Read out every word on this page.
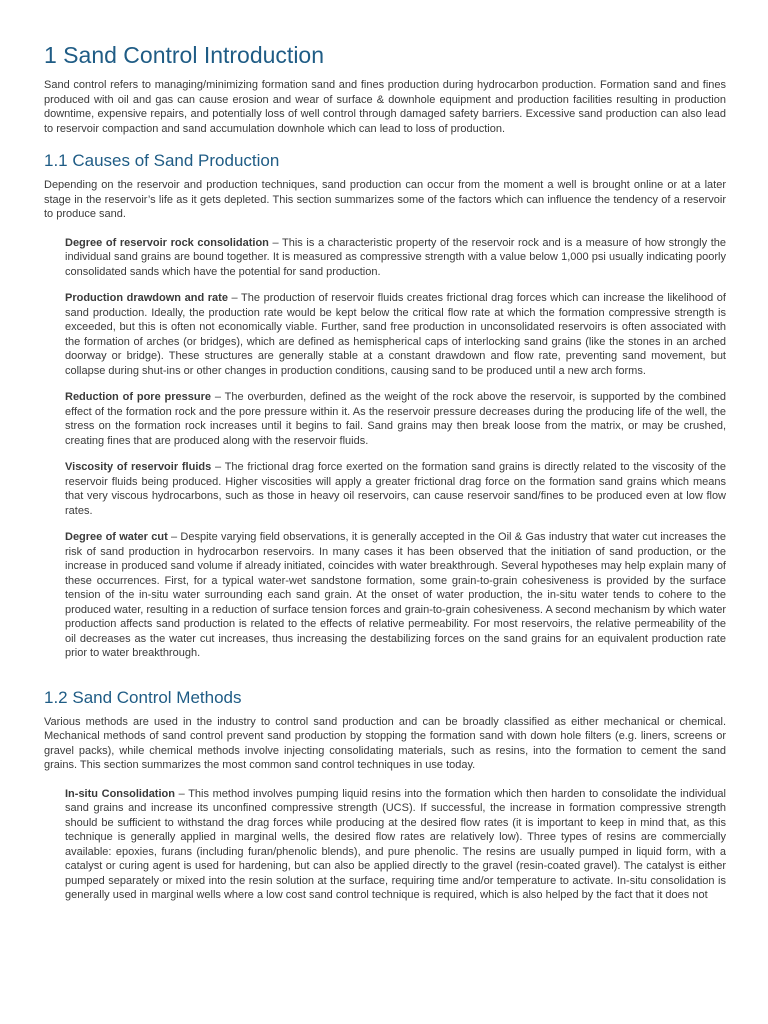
1 Sand Control Introduction

Sand control refers to managing/minimizing formation sand and fines production during hydrocarbon production. Formation sand and fines produced with oil and gas can cause erosion and wear of surface & downhole equipment and production facilities resulting in production downtime, expensive repairs, and potentially loss of well control through damaged safety barriers. Excessive sand production can also lead to reservoir compaction and sand accumulation downhole which can lead to loss of production.

1.1 Causes of Sand Production

Depending on the reservoir and production techniques, sand production can occur from the moment a well is brought online or at a later stage in the reservoir’s life as it gets depleted. This section summarizes some of the factors which can influence the tendency of a reservoir to produce sand.

Degree of reservoir rock consolidation – This is a characteristic property of the reservoir rock and is a measure of how strongly the individual sand grains are bound together. It is measured as compressive strength with a value below 1,000 psi usually indicating poorly consolidated sands which have the potential for sand production.

Production drawdown and rate – The production of reservoir fluids creates frictional drag forces which can increase the likelihood of sand production. Ideally, the production rate would be kept below the critical flow rate at which the formation compressive strength is exceeded, but this is often not economically viable. Further, sand free production in unconsolidated reservoirs is often associated with the formation of arches (or bridges), which are defined as hemispherical caps of interlocking sand grains (like the stones in an arched doorway or bridge). These structures are generally stable at a constant drawdown and flow rate, preventing sand movement, but collapse during shut-ins or other changes in production conditions, causing sand to be produced until a new arch forms.

Reduction of pore pressure – The overburden, defined as the weight of the rock above the reservoir, is supported by the combined effect of the formation rock and the pore pressure within it. As the reservoir pressure decreases during the producing life of the well, the stress on the formation rock increases until it begins to fail. Sand grains may then break loose from the matrix, or may be crushed, creating fines that are produced along with the reservoir fluids.

Viscosity of reservoir fluids – The frictional drag force exerted on the formation sand grains is directly related to the viscosity of the reservoir fluids being produced. Higher viscosities will apply a greater frictional drag force on the formation sand grains which means that very viscous hydrocarbons, such as those in heavy oil reservoirs, can cause reservoir sand/fines to be produced even at low flow rates.

Degree of water cut – Despite varying field observations, it is generally accepted in the Oil & Gas industry that water cut increases the risk of sand production in hydrocarbon reservoirs. In many cases it has been observed that the initiation of sand production, or the increase in produced sand volume if already initiated, coincides with water breakthrough. Several hypotheses may help explain many of these occurrences. First, for a typical water-wet sandstone formation, some grain-to-grain cohesiveness is provided by the surface tension of the in-situ water surrounding each sand grain. At the onset of water production, the in-situ water tends to cohere to the produced water, resulting in a reduction of surface tension forces and grain-to-grain cohesiveness. A second mechanism by which water production affects sand production is related to the effects of relative permeability. For most reservoirs, the relative permeability of the oil decreases as the water cut increases, thus increasing the destabilizing forces on the sand grains for an equivalent production rate prior to water breakthrough.

1.2 Sand Control Methods

Various methods are used in the industry to control sand production and can be broadly classified as either mechanical or chemical. Mechanical methods of sand control prevent sand production by stopping the formation sand with down hole filters (e.g. liners, screens or gravel packs), while chemical methods involve injecting consolidating materials, such as resins, into the formation to cement the sand grains. This section summarizes the most common sand control techniques in use today.

In-situ Consolidation – This method involves pumping liquid resins into the formation which then harden to consolidate the individual sand grains and increase its unconfined compressive strength (UCS). If successful, the increase in formation compressive strength should be sufficient to withstand the drag forces while producing at the desired flow rates (it is important to keep in mind that, as this technique is generally applied in marginal wells, the desired flow rates are relatively low). Three types of resins are commercially available: epoxies, furans (including furan/phenolic blends), and pure phenolic. The resins are usually pumped in liquid form, with a catalyst or curing agent is used for hardening, but can also be applied directly to the gravel (resin-coated gravel). The catalyst is either pumped separately or mixed into the resin solution at the surface, requiring time and/or temperature to activate. In-situ consolidation is generally used in marginal wells where a low cost sand control technique is required, which is also helped by the fact that it does not
